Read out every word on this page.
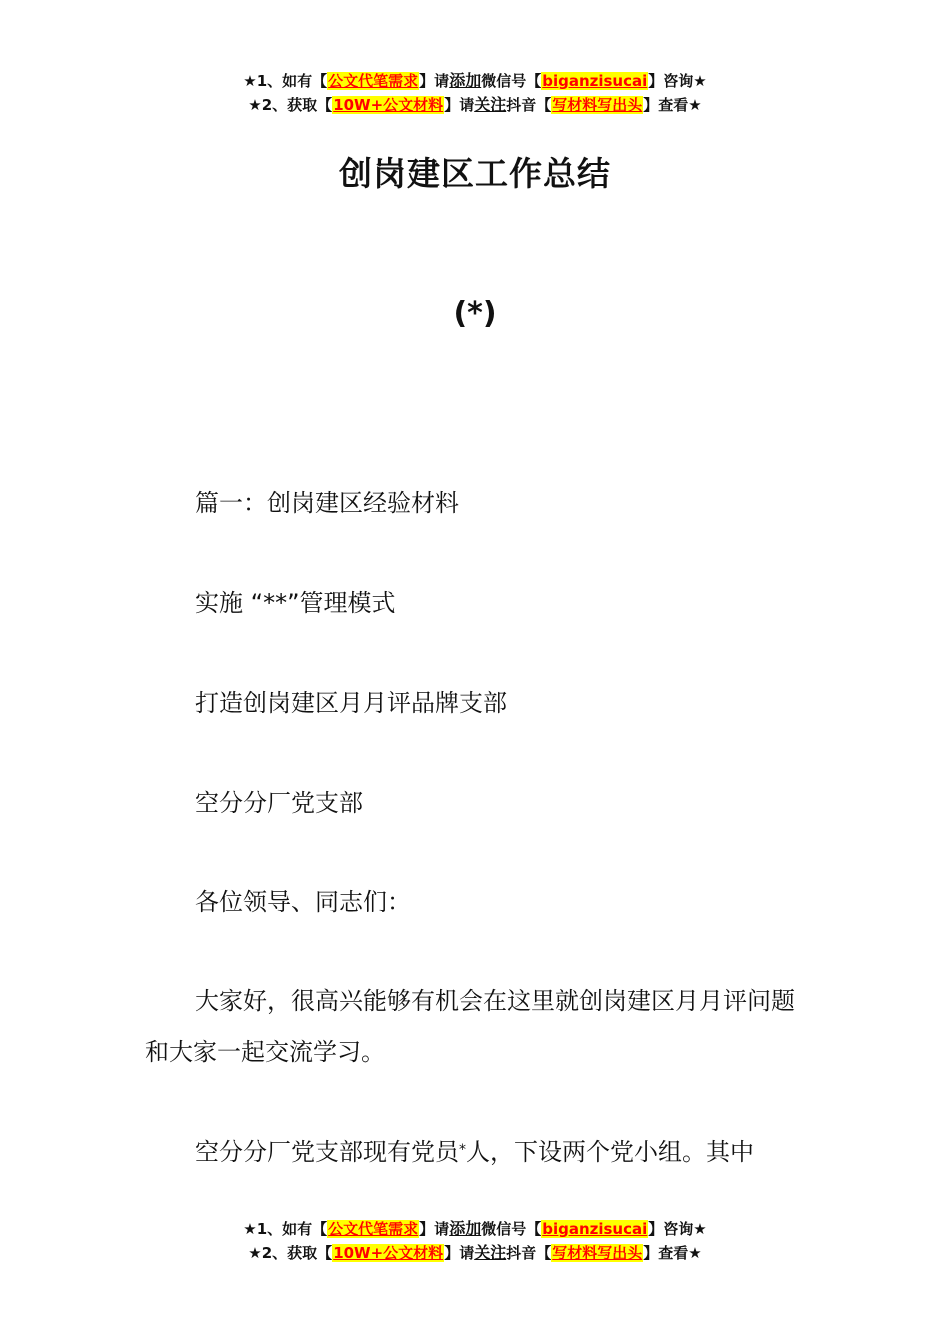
★1、如有【公文代笔需求】请添加微信号【biganzisucai】咨询★
★2、获取【10W+公文材料】请关注抖音【写材料写出头】查看★
创岗建区工作总结
(*)
篇一：创岗建区经验材料
实施 “**”管理模式
打造创岗建区月月评品牌支部
空分分厂党支部
各位领导、同志们：
大家好，很高兴能够有机会在这里就创岗建区月月评问题和大家一起交流学习。
空分分厂党支部现有党员*人，下设两个党小组。其中
★1、如有【公文代笔需求】请添加微信号【biganzisucai】咨询★
★2、获取【10W+公文材料】请关注抖音【写材料写出头】查看★
